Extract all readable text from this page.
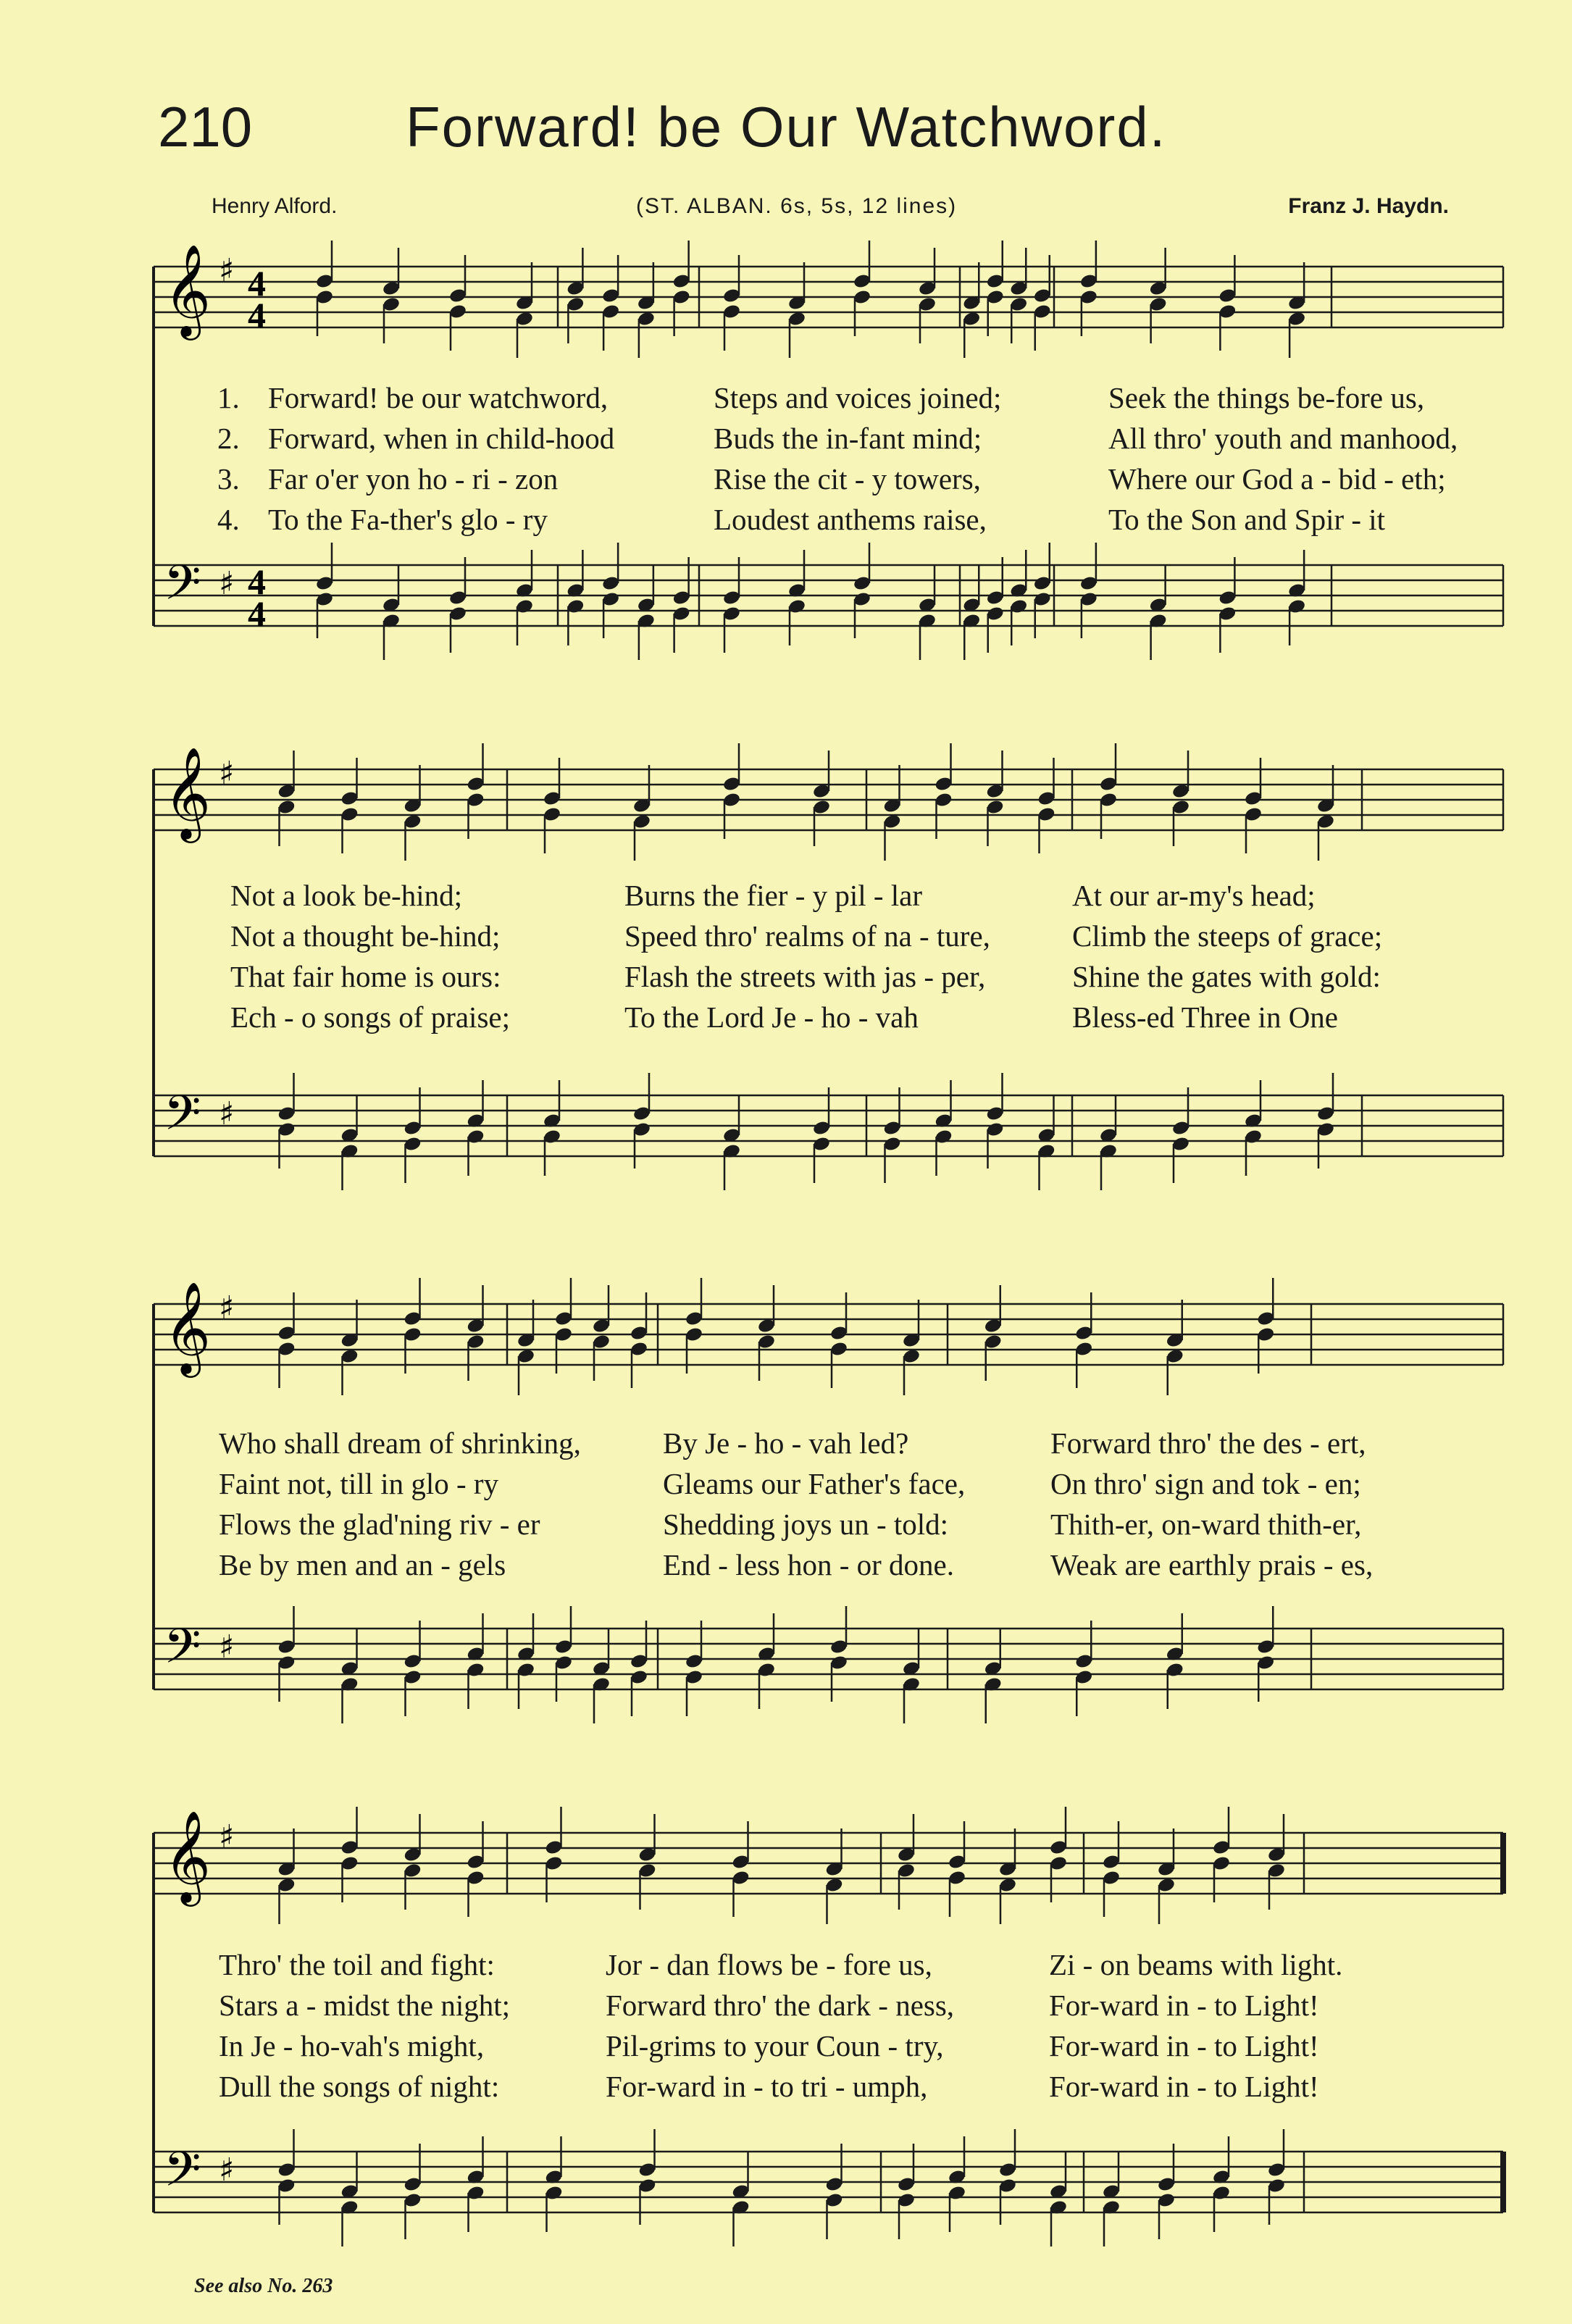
210	Forward! be Our Watchword.
Henry Alford.	(ST. ALBAN. 6s, 5s, 12 lines)	Franz J. Haydn.
𝄞
𝄢
♯
♯
4
4
4
4
𝄞
𝄢
♯
♯
𝄞
𝄢
♯
♯
𝄞
𝄢
♯
♯
1. Forward! be our watchword,	Steps and voices joined;	Seek the things be-fore us,
2. Forward, when in child-hood	Buds the in-fant mind;	All thro' youth and manhood,
3. Far o'er yon ho - ri - zon	Rise the cit - y towers,	Where our God a - bid - eth;
4. To the Fa-ther's glo - ry	Loudest anthems raise,	To the Son and Spir - it
Not a look be-hind;	Burns the fier - y pil - lar	At our ar-my's head;
Not a thought be-hind;	Speed thro' realms of na - ture,	Climb the steeps of grace;
That fair home is ours:	Flash the streets with jas - per,	Shine the gates with gold:
Ech - o songs of praise;	To the Lord Je - ho - vah	Bless-ed Three in One
Who shall dream of shrinking,	By Je - ho - vah led?	Forward thro' the des - ert,
Faint not, till in glo - ry	Gleams our Father's face,	On thro' sign and tok - en;
Flows the glad'ning riv - er	Shedding joys un - told:	Thith-er, on-ward thith-er,
Be by men and an - gels	End - less hon - or done.	Weak are earthly prais - es,
Thro' the toil and fight:	Jor - dan flows be - fore us,	Zi - on beams with light.
Stars a - midst the night;	Forward thro' the dark - ness,	For-ward in - to Light!
In Je - ho-vah's might,	Pil-grims to your Coun - try,	For-ward in - to Light!
Dull the songs of night:	For-ward in - to tri - umph,	For-ward in - to Light!
See also No. 263
